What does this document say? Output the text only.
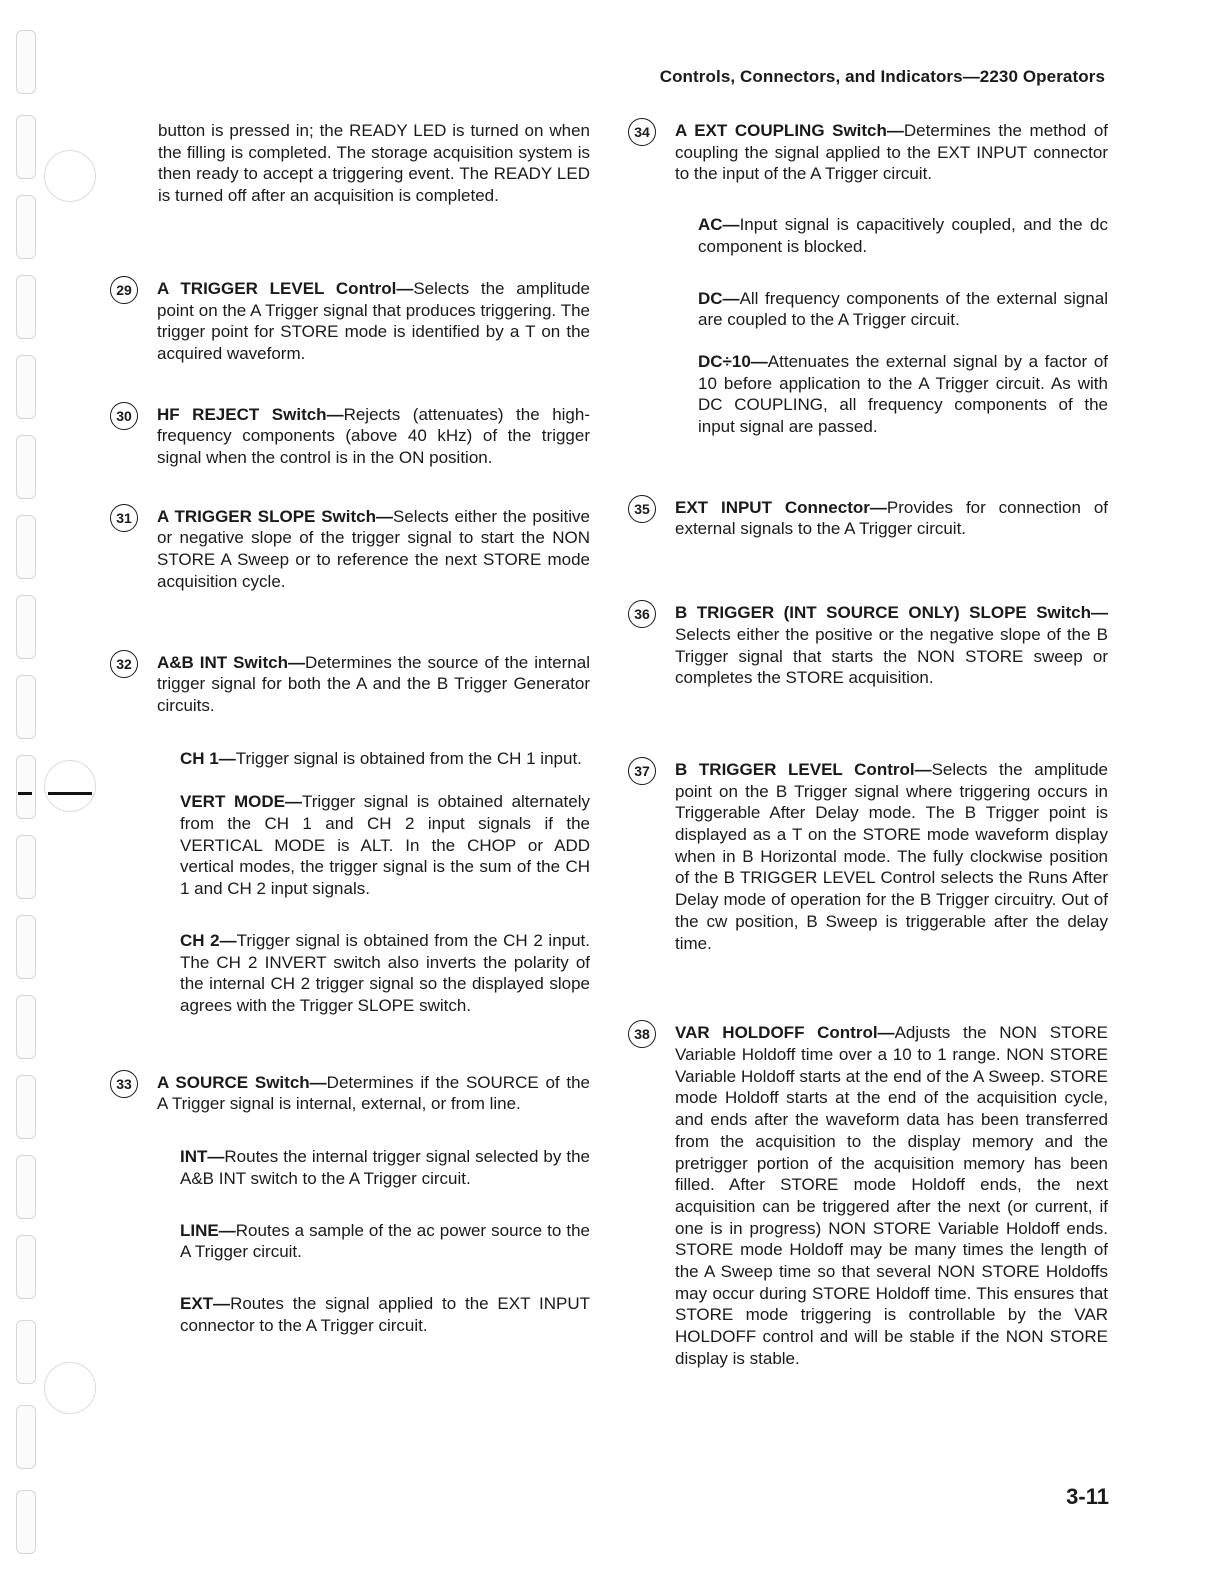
Controls, Connectors, and Indicators—2230 Operators

button is pressed in; the READY LED is turned on when the filling is completed. The storage acquisition system is then ready to accept a triggering event. The READY LED is turned off after an acquisition is completed.

29	A TRIGGER LEVEL Control—Selects the amplitude point on the A Trigger signal that produces triggering. The trigger point for STORE mode is identified by a T on the acquired waveform.
30	HF REJECT Switch—Rejects (attenuates) the high-frequency components (above 40 kHz) of the trigger signal when the control is in the ON position.
31	A TRIGGER SLOPE Switch—Selects either the positive or negative slope of the trigger signal to start the NON STORE A Sweep or to reference the next STORE mode acquisition cycle.
32	A&B INT Switch—Determines the source of the internal trigger signal for both the A and the B Trigger Generator circuits.

CH 1—Trigger signal is obtained from the CH 1 input.

VERT MODE—Trigger signal is obtained alternately from the CH 1 and CH 2 input signals if the VERTICAL MODE is ALT. In the CHOP or ADD vertical modes, the trigger signal is the sum of the CH 1 and CH 2 input signals.

CH 2—Trigger signal is obtained from the CH 2 input. The CH 2 INVERT switch also inverts the polarity of the internal CH 2 trigger signal so the displayed slope agrees with the Trigger SLOPE switch.

33	A SOURCE Switch—Determines if the SOURCE of the A Trigger signal is internal, external, or from line.

INT—Routes the internal trigger signal selected by the A&B INT switch to the A Trigger circuit.

LINE—Routes a sample of the ac power source to the A Trigger circuit.

EXT—Routes the signal applied to the EXT INPUT connector to the A Trigger circuit.

34	A EXT COUPLING Switch—Determines the method of coupling the signal applied to the EXT INPUT connector to the input of the A Trigger circuit.

AC—Input signal is capacitively coupled, and the dc component is blocked.

DC—All frequency components of the external signal are coupled to the A Trigger circuit.

DC÷10—Attenuates the external signal by a factor of 10 before application to the A Trigger circuit. As with DC COUPLING, all frequency components of the input signal are passed.

35	EXT INPUT Connector—Provides for connection of external signals to the A Trigger circuit.
36	B TRIGGER (INT SOURCE ONLY) SLOPE Switch—Selects either the positive or the negative slope of the B Trigger signal that starts the NON STORE sweep or completes the STORE acquisition.
37	B TRIGGER LEVEL Control—Selects the amplitude point on the B Trigger signal where triggering occurs in Triggerable After Delay mode. The B Trigger point is displayed as a T on the STORE mode waveform display when in B Horizontal mode. The fully clockwise position of the B TRIGGER LEVEL Control selects the Runs After Delay mode of operation for the B Trigger circuitry. Out of the cw position, B Sweep is triggerable after the delay time.
38	VAR HOLDOFF Control—Adjusts the NON STORE Variable Holdoff time over a 10 to 1 range. NON STORE Variable Holdoff starts at the end of the A Sweep. STORE mode Holdoff starts at the end of the acquisition cycle, and ends after the waveform data has been transferred from the acquisition to the display memory and the pretrigger portion of the acquisition memory has been filled. After STORE mode Holdoff ends, the next acquisition can be triggered after the next (or current, if one is in progress) NON STORE Variable Holdoff ends. STORE mode Holdoff may be many times the length of the A Sweep time so that several NON STORE Holdoffs may occur during STORE Holdoff time. This ensures that STORE mode triggering is controllable by the VAR HOLDOFF control and will be stable if the NON STORE display is stable.
3-11
